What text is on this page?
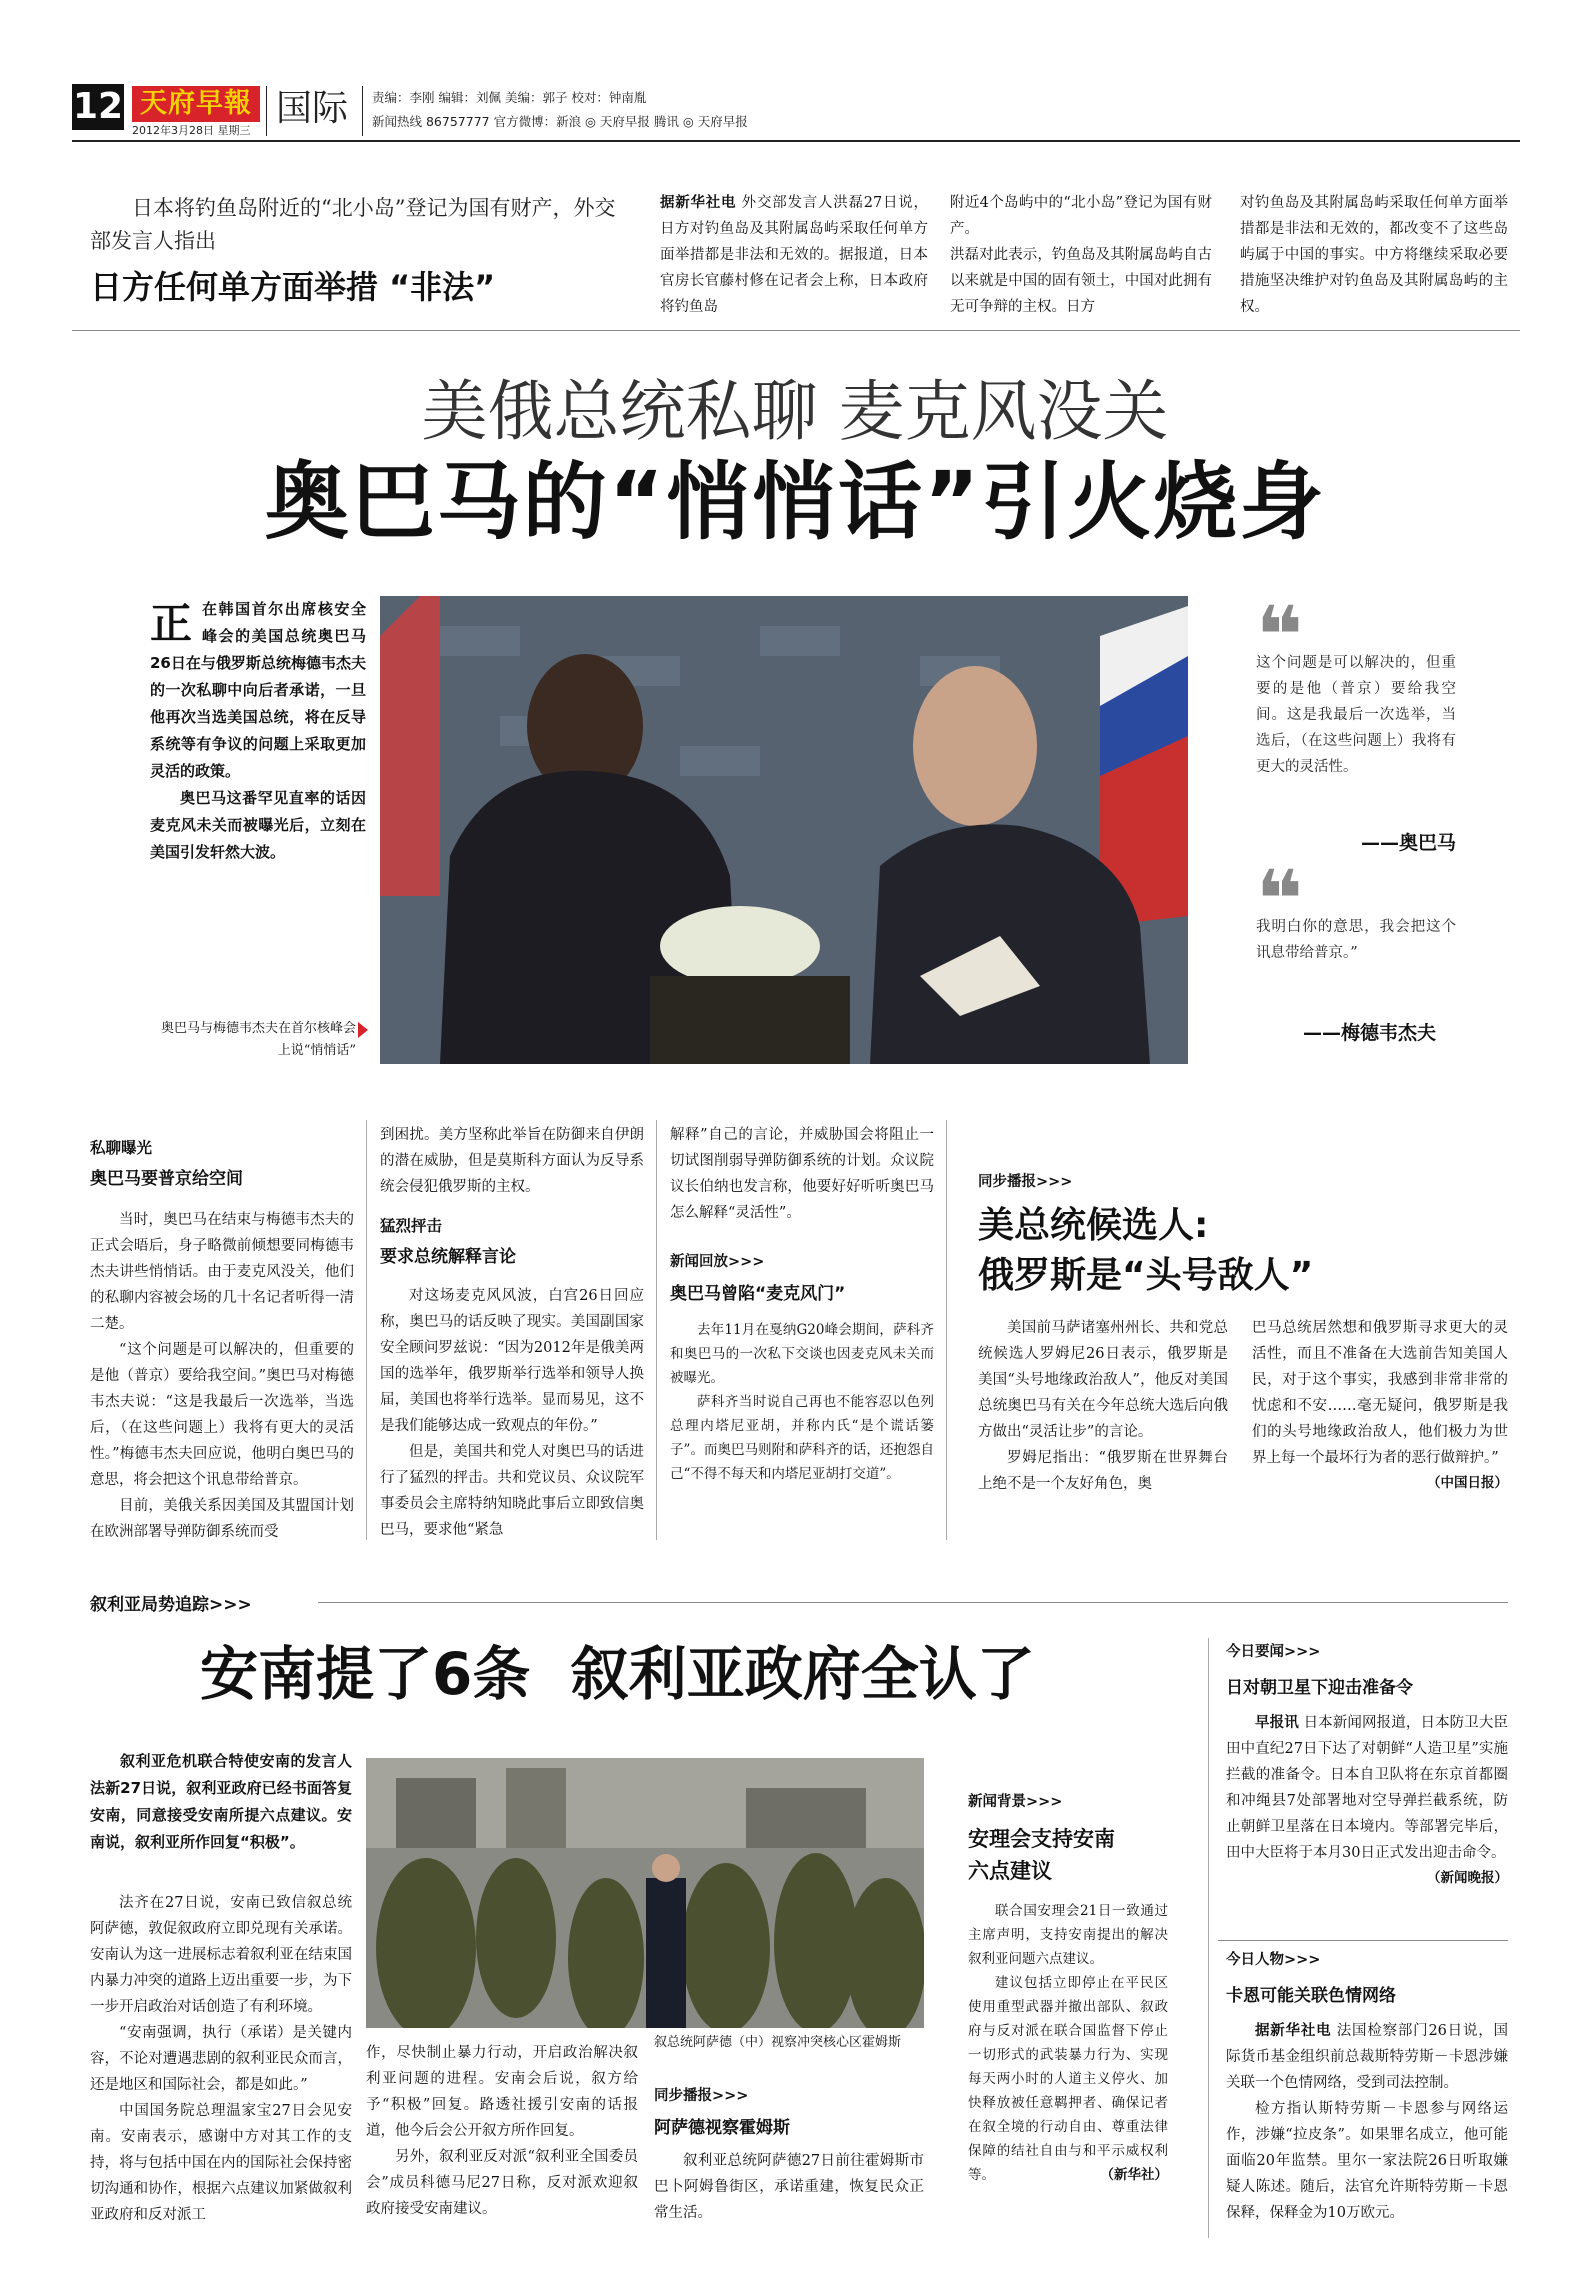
12 天府早報
2012年3月28日 星期三
国际 责编：李刚 编辑：刘佩 美编：郭子 校对：钟南胤
新闻热线 86757777 官方微博：新浪 ◎ 天府早报 腾讯 ◎ 天府早报
日本将钓鱼岛附近的“北小岛”登记为国有财产，外交部发言人指出
日方任何单方面举措 “非法”
据新华社电 外交部发言人洪磊27日说，日方对钓鱼岛及其附属岛屿采取任何单方面举措都是非法和无效的。据报道，日本官房长官藤村修在记者会上称，日本政府将钓鱼岛
附近4个岛屿中的“北小岛”登记为国有财产。
洪磊对此表示，钓鱼岛及其附属岛屿自古以来就是中国的固有领土，中国对此拥有无可争辩的主权。日方
对钓鱼岛及其附属岛屿采取任何单方面举措都是非法和无效的，都改变不了这些岛屿属于中国的事实。中方将继续采取必要措施坚决维护对钓鱼岛及其附属岛屿的主权。
美俄总统私聊 麦克风没关
奥巴马的“悄悄话”引火烧身
正 在韩国首尔出席核安全峰会的美国总统奥巴马26日在与俄罗斯总统梅德韦杰夫的一次私聊中向后者承诺，一旦他再次当选美国总统，将在反导系统等有争议的问题上采取更加灵活的政策。
奥巴马这番罕见直率的话因麦克风未关而被曝光后，立刻在美国引发轩然大波。
奥巴马与梅德韦杰夫在首尔核峰会上说“悄悄话”
❝
这个问题是可以解决的，但重要的是他（普京）要给我空间。这是我最后一次选举，当选后，（在这些问题上）我将有更大的灵活性。
——奥巴马
❝
我明白你的意思，我会把这个讯息带给普京。”
——梅德韦杰夫
私聊曝光
奥巴马要普京给空间

当时，奥巴马在结束与梅德韦杰夫的正式会晤后，身子略微前倾想要同梅德韦杰夫讲些悄悄话。由于麦克风没关，他们的私聊内容被会场的几十名记者听得一清二楚。

“这个问题是可以解决的，但重要的是他（普京）要给我空间。”奥巴马对梅德韦杰夫说：“这是我最后一次选举，当选后，（在这些问题上）我将有更大的灵活性。”梅德韦杰夫回应说，他明白奥巴马的意思，将会把这个讯息带给普京。

目前，美俄关系因美国及其盟国计划在欧洲部署导弹防御系统而受

到困扰。美方坚称此举旨在防御来自伊朗的潜在威胁，但是莫斯科方面认为反导系统会侵犯俄罗斯的主权。

猛烈抨击
要求总统解释言论

对这场麦克风风波，白宫26日回应称，奥巴马的话反映了现实。美国副国家安全顾问罗兹说：“因为2012年是俄美两国的选举年，俄罗斯举行选举和领导人换届，美国也将举行选举。显而易见，这不是我们能够达成一致观点的年份。”

但是，美国共和党人对奥巴马的话进行了猛烈的抨击。共和党议员、众议院军事委员会主席特纳知晓此事后立即致信奥巴马，要求他“紧急

解释”自己的言论，并威胁国会将阻止一切试图削弱导弹防御系统的计划。众议院议长伯纳也发言称，他要好好听听奥巴马怎么解释“灵活性”。

新闻回放>>>
奥巴马曾陷“麦克风门”

去年11月在戛纳G20峰会期间，萨科齐和奥巴马的一次私下交谈也因麦克风未关而被曝光。

萨科齐当时说自己再也不能容忍以色列总理内塔尼亚胡，并称内氏“是个谎话篓子”。而奥巴马则附和萨科齐的话，还抱怨自己“不得不每天和内塔尼亚胡打交道”。

同步播报>>>
美总统候选人:
俄罗斯是“头号敌人”

美国前马萨诸塞州州长、共和党总统候选人罗姆尼26日表示，俄罗斯是美国“头号地缘政治敌人”，他反对美国总统奥巴马有关在今年总统大选后向俄方做出“灵活让步”的言论。

罗姆尼指出：“俄罗斯在世界舞台上绝不是一个友好角色，奥

巴马总统居然想和俄罗斯寻求更大的灵活性，而且不准备在大选前告知美国人民，对于这个事实，我感到非常非常的忧虑和不安……毫无疑问，俄罗斯是我们的头号地缘政治敌人，他们极力为世界上每一个最坏行为者的恶行做辩护。”

（中国日报）
叙利亚局势追踪>>>
安南提了6条  叙利亚政府全认了
叙利亚危机联合特使安南的发言人法新27日说，叙利亚政府已经书面答复安南，同意接受安南所提六点建议。安南说，叙利亚所作回复“积极”。

法齐在27日说，安南已致信叙总统阿萨德，敦促叙政府立即兑现有关承诺。安南认为这一进展标志着叙利亚在结束国内暴力冲突的道路上迈出重要一步，为下一步开启政治对话创造了有利环境。

“安南强调，执行（承诺）是关键内容，不论对遭遇悲剧的叙利亚民众而言，还是地区和国际社会，都是如此。”

中国国务院总理温家宝27日会见安南。安南表示，感谢中方对其工作的支持，将与包括中国在内的国际社会保持密切沟通和协作，根据六点建议加紧做叙利亚政府和反对派工

叙总统阿萨德（中）视察冲突核心区霍姆斯

作，尽快制止暴力行动，开启政治解决叙利亚问题的进程。安南会后说，叙方给予“积极”回复。路透社援引安南的话报道，他今后会公开叙方所作回复。

另外，叙利亚反对派“叙利亚全国委员会”成员科德马尼27日称，反对派欢迎叙政府接受安南建议。

同步播报>>>
阿萨德视察霍姆斯

叙利亚总统阿萨德27日前往霍姆斯市巴卜阿姆鲁街区，承诺重建，恢复民众正常生活。

新闻背景>>>
安理会支持安南
六点建议

联合国安理会21日一致通过主席声明，支持安南提出的解决叙利亚问题六点建议。

建议包括立即停止在平民区使用重型武器并撤出部队、叙政府与反对派在联合国监督下停止一切形式的武装暴力行为、实现每天两小时的人道主义停火、加快释放被任意羁押者、确保记者在叙全境的行动自由、尊重法律保障的结社自由与和平示威权利等。	（新华社）
今日要闻>>>
日对朝卫星下迎击准备令

早报讯 日本新闻网报道，日本防卫大臣田中直纪27日下达了对朝鲜“人造卫星”实施拦截的准备令。日本自卫队将在东京首都圈和冲绳县7处部署地对空导弹拦截系统，防止朝鲜卫星落在日本境内。等部署完毕后，田中大臣将于本月30日正式发出迎击命令。

（新闻晚报）
今日人物>>>
卡恩可能关联色情网络

据新华社电 法国检察部门26日说，国际货币基金组织前总裁斯特劳斯－卡恩涉嫌关联一个色情网络，受到司法控制。

检方指认斯特劳斯－卡恩参与网络运作，涉嫌“拉皮条”。如果罪名成立，他可能面临20年监禁。里尔一家法院26日听取嫌疑人陈述。随后，法官允许斯特劳斯－卡恩保释，保释金为10万欧元。
